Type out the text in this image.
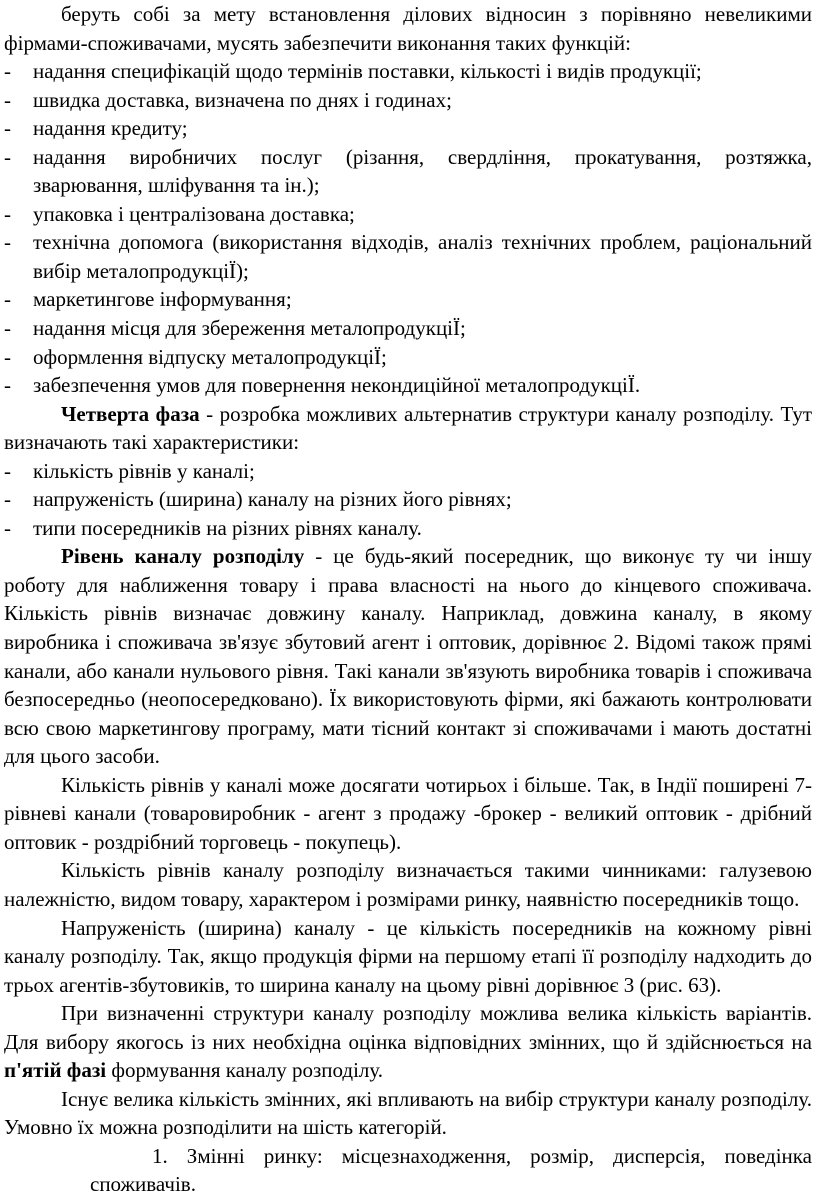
беруть собі за мету встановлення ділових відносин з порівняно невеликими фірмами-споживачами, мусять забезпечити виконання таких функцій:

- надання специфікацій щодо термінів поставки, кількості і видів продукції;
- швидка доставка, визначена по днях і годинах;
- надання кредиту;
- надання виробничих послуг (різання, свердління, прокатування, розтяжка, зварювання, шліфування та ін.);
- упаковка і централізована доставка;
- технічна допомога (використання відходів, аналіз технічних проблем, раціональний вибір металопродукціЇ);
- маркетингове інформування;
- надання місця для збереження металопродукціЇ;
- оформлення відпуску металопродукціЇ;
- забезпечення умов для повернення некондиційної металопродукціЇ.

Четверта фаза - розробка можливих альтернатив структури каналу розподілу. Тут визначають такі характеристики:

- кількість рівнів у каналі;
- напруженість (ширина) каналу на різних його рівнях;
- типи посередників на різних рівнях каналу.

Рівень каналу розподілу - це будь-який посередник, що виконує ту чи іншу роботу для наближення товару і права власності на нього до кінцевого споживача. Кількість рівнів визначає довжину каналу. Наприклад, довжина каналу, в якому виробника і споживача зв'язує збутовий агент і оптовик, дорівнює 2. Відомі також прямі канали, або канали нульового рівня. Такі канали зв'язують виробника товарів і споживача безпосередньо (неопосередковано). Їх використовують фірми, які бажають контролювати всю свою маркетингову програму, мати тісний контакт зі споживачами і мають достатні для цього засоби.

Кількість рівнів у каналі може досягати чотирьох і більше. Так, в Індії поширені 7-рівневі канали (товаровиробник - агент з продажу -брокер - великий оптовик - дрібний оптовик - роздрібний торговець - покупець).

Кількість рівнів каналу розподілу визначається такими чинниками: галузевою належністю, видом товару, характером і розмірами ринку, наявністю посередників тощо.

Напруженість (ширина) каналу - це кількість посередників на кожному рівні каналу розподілу. Так, якщо продукція фірми на першому етапі її розподілу надходить до трьох агентів-збутовиків, то ширина каналу на цьому рівні дорівнює 3 (рис. 63).

При визначенні структури каналу розподілу можлива велика кількість варіантів. Для вибору якогось із них необхідна оцінка відповідних змінних, що й здійснюється на п'ятій фазі формування каналу розподілу.

Існує велика кількість змінних, які впливають на вибір структури каналу розподілу. Умовно їх можна розподілити на шість категорій.

1. Змінні ринку: місцезнаходження, розмір, дисперсія, поведінка споживачів.
